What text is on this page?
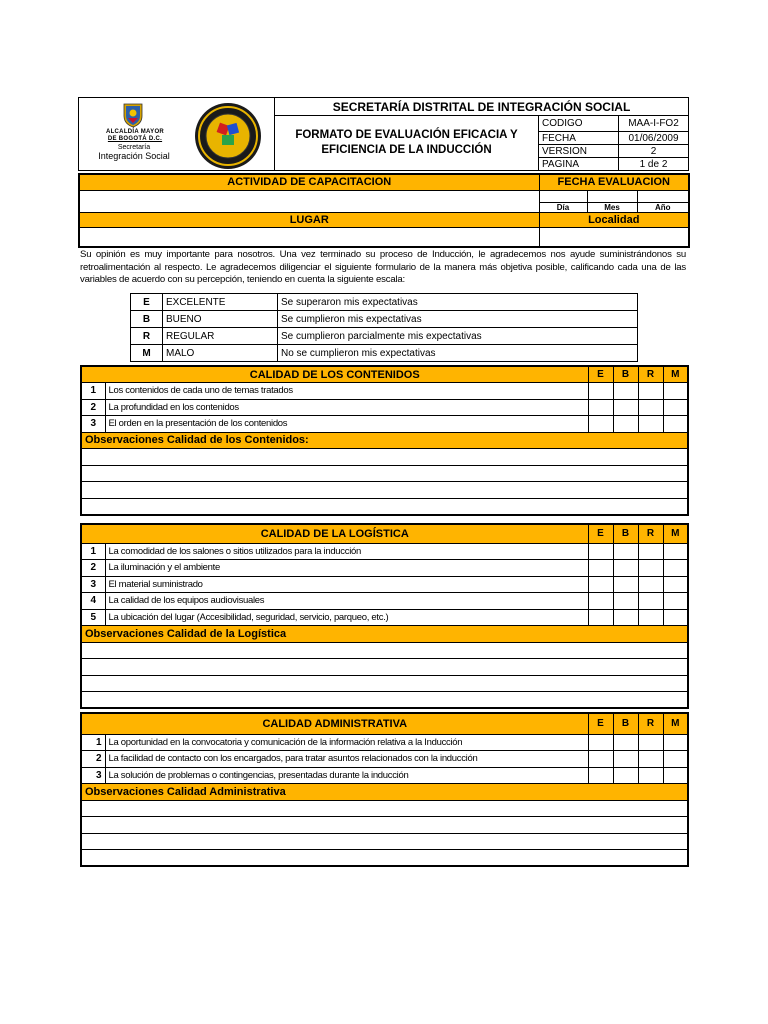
ALCALDÍA MAYOR
DE BOGOTÁ D.C.
Secretaría
Integración Social	SECRETARÍA DISTRITAL DE INTEGRACIÓN SOCIAL		

	FORMATO DE EVALUACIÓN EFICACIA Y
EFICIENCIA DE LA INDUCCIÓN	CODIGO	MAA-I-FO2
		FECHA	01/06/2009
		VERSION	2
		PAGINA	1 de 2
ACTIVIDAD DE CAPACITACION	FECHA EVALUACION		

	Día	Mes	Año
LUGAR	Localidad		

Su opinión es muy importante para nosotros. Una vez terminado su proceso de Inducción, le agradecemos nos ayude suministrándonos su retroalimentación al respecto. Le agradecemos diligenciar el siguiente formulario de la manera más objetiva posible, calificando cada una de las variables de acuerdo con su percepción, teniendo en cuenta la siguiente escala:
E	EXCELENTE	Se superaron mis expectativas
B	BUENO	Se cumplieron mis expectativas
R	REGULAR	Se cumplieron parcialmente mis expectativas
M	MALO	No se cumplieron mis expectativas
CALIDAD DE LOS CONTENIDOS		E	B	R	M
1	Los contenidos de cada uno de temas tratados				
2	La profundidad en los contenidos				
3	El orden en la presentación de los contenidos				
Observaciones Calidad de los Contenidos:					

CALIDAD DE LA LOGÍSTICA		E	B	R	M
1	La comodidad de los salones o sitios utilizados para la inducción				
2	La iluminación y el ambiente				
3	El material suministrado				
4	La calidad de los equipos audiovisuales				
5	La ubicación del lugar (Accesibilidad, seguridad, servicio, parqueo, etc.)				
Observaciones Calidad de la Logística					

CALIDAD ADMINISTRATIVA		E	B	R	M
1	La oportunidad en la convocatoria y comunicación de la información relativa a la Inducción				
2	La facilidad de contacto con los encargados, para tratar asuntos relacionados con la inducción				
3	La solución de problemas o contingencias, presentadas durante la inducción				
Observaciones Calidad Administrativa					
